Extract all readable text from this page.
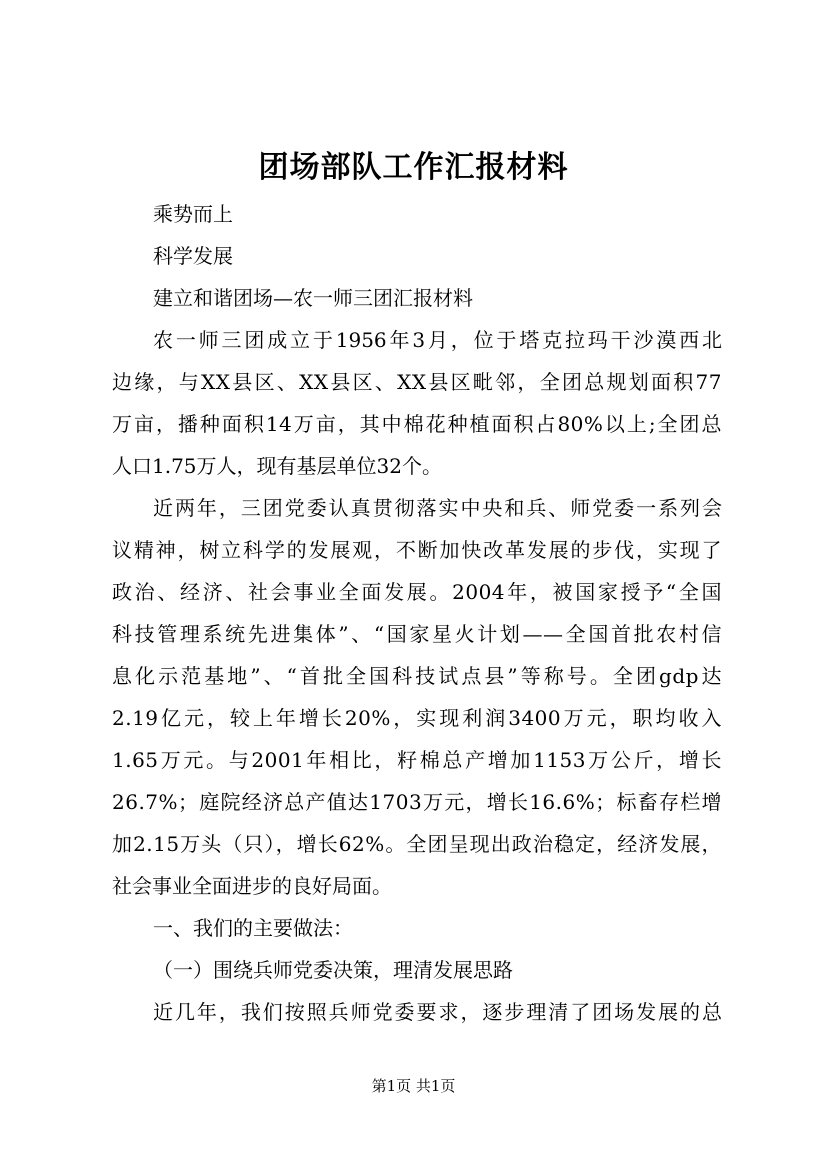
团场部队工作汇报材料
乘势而上
科学发展
建立和谐团场—农一师三团汇报材料
农一师三团成立于1956年3月，位于塔克拉玛干沙漠西北
边缘，与XX县区、XX县区、XX县区毗邻，全团总规划面积77
万亩，播种面积14万亩，其中棉花种植面积占80%以上;全团总
人口1.75万人，现有基层单位32个。
近两年，三团党委认真贯彻落实中央和兵、师党委一系列会
议精神，树立科学的发展观，不断加快改革发展的步伐，实现了
政治、经济、社会事业全面发展。2004年，被国家授予“全国
科技管理系统先进集体”、“国家星火计划——全国首批农村信
息化示范基地”、“首批全国科技试点县”等称号。全团gdp达
2.19亿元，较上年增长20%，实现利润3400万元，职均收入
1.65万元。与2001年相比，籽棉总产增加1153万公斤，增长
26.7%；庭院经济总产值达1703万元，增长16.6%；标畜存栏增
加2.15万头（只），增长62%。全团呈现出政治稳定，经济发展，
社会事业全面进步的良好局面。
一、我们的主要做法：
（一）围绕兵师党委决策，理清发展思路
近几年，我们按照兵师党委要求，逐步理清了团场发展的总
第1页 共1页
